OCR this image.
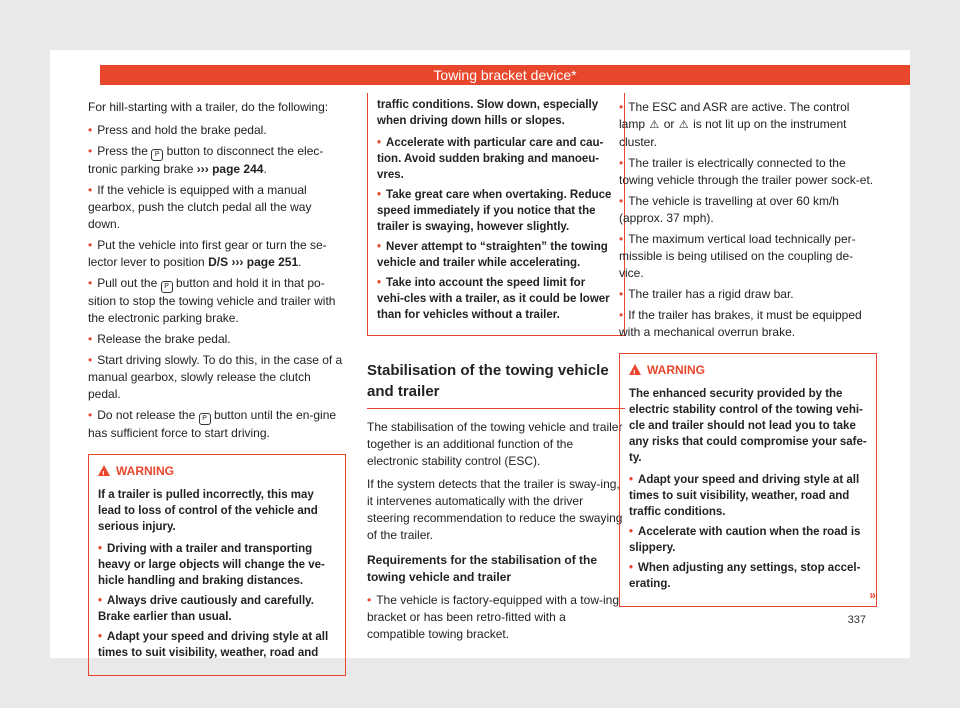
Towing bracket device*

For hill-starting with a trailer, do the following:

• Press and hold the brake pedal.
• Press the P button to disconnect the elec-tronic parking brake ››› page 244.
• If the vehicle is equipped with a manual gearbox, push the clutch pedal all the way down.
• Put the vehicle into first gear or turn the se-lector lever to position D/S ››› page 251.
• Pull out the P button and hold it in that po-sition to stop the towing vehicle and trailer with the electronic parking brake.
• Release the brake pedal.
• Start driving slowly. To do this, in the case of a manual gearbox, slowly release the clutch pedal.
• Do not release the P button until the en-gine has sufficient force to start driving.
!WARNING

If a trailer is pulled incorrectly, this may lead to loss of control of the vehicle and serious injury.

• Driving with a trailer and transporting heavy or large objects will change the ve-hicle handling and braking distances.
• Always drive cautiously and carefully. Brake earlier than usual.
• Adapt your speed and driving style at all times to suit visibility, weather, road and

traffic conditions. Slow down, especially when driving down hills or slopes.

• Accelerate with particular care and cau-tion. Avoid sudden braking and manoeu-vres.
• Take great care when overtaking. Reduce speed immediately if you notice that the trailer is swaying, however slightly.
• Never attempt to “straighten” the towing vehicle and trailer while accelerating.
• Take into account the speed limit for vehi-cles with a trailer, as it could be lower than for vehicles without a trailer.
Stabilisation of the towing vehicle and trailer

The stabilisation of the towing vehicle and trailer together is an additional function of the electronic stability control (ESC).

If the system detects that the trailer is sway-ing, it intervenes automatically with the driver steering recommendation to reduce the swaying of the trailer.

Requirements for the stabilisation of the towing vehicle and trailer

• The vehicle is factory-equipped with a tow-ing bracket or has been retro-fitted with a compatible towing bracket.
• The ESC and ASR are active. The control lamp ⚠ or ⚠ is not lit up on the instrument cluster.
• The trailer is electrically connected to the towing vehicle through the trailer power sock-et.
• The vehicle is travelling at over 60 km/h (approx. 37 mph).
• The maximum vertical load technically per-missible is being utilised on the coupling de-vice.
• The trailer has a rigid draw bar.
• If the trailer has brakes, it must be equipped with a mechanical overrun brake.
!WARNING

The enhanced security provided by the electric stability control of the towing vehi-cle and trailer should not lead you to take any risks that could compromise your safe-ty.

• Adapt your speed and driving style at all times to suit visibility, weather, road and traffic conditions.
• Accelerate with caution when the road is slippery.
• When adjusting any settings, stop accel-erating.
»
337
